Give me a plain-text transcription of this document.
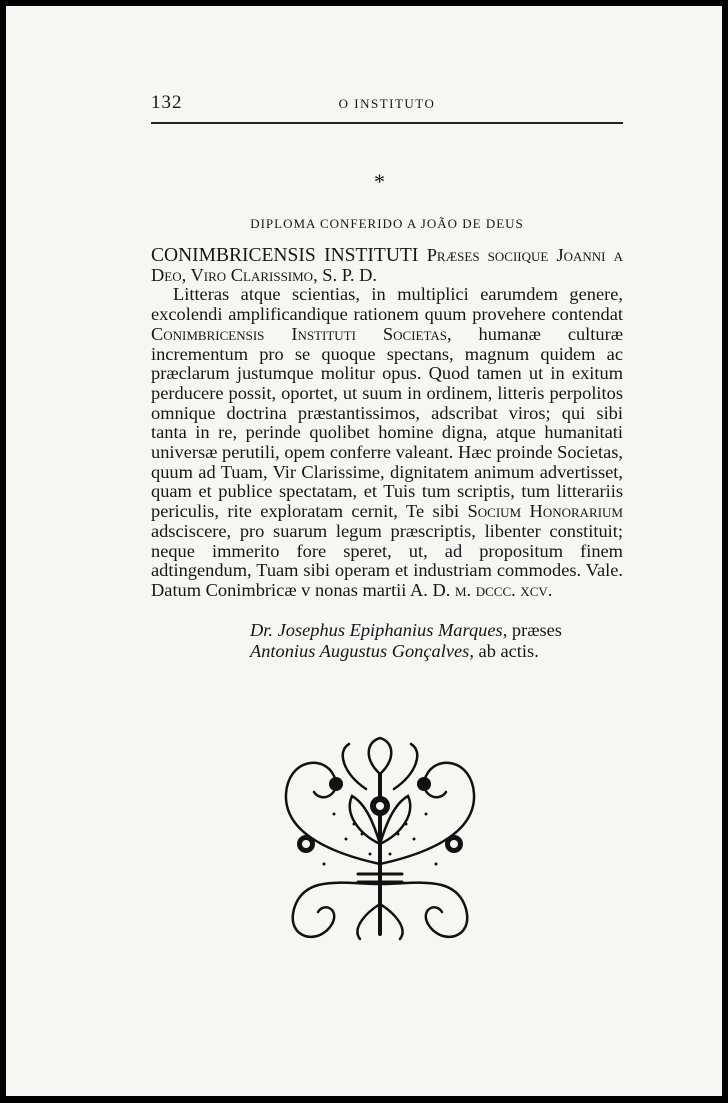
132	O INSTITUTO
*
DIPLOMA CONFERIDO A JOÃO DE DEUS

CONIMBRICENSIS INSTITUTI Præses sociique Joanni a Deo, Viro Clarissimo, S. P. D.

Litteras atque scientias, in multiplici earumdem genere, excolendi amplificandique rationem quum provehere contendat Conimbricensis Instituti Societas, humanæ culturæ incrementum pro se quoque spectans, magnum quidem ac præclarum justumque molitur opus. Quod tamen ut in exitum perducere possit, oportet, ut suum in ordinem, litteris perpolitos omnique doctrina præstantissimos, adscribat viros; qui sibi tanta in re, perinde quolibet homine digna, atque humanitati universæ perutili, opem conferre valeant. Hæc proinde Societas, quum ad Tuam, Vir Clarissime, dignitatem animum advertisset, quam et publice spectatam, et Tuis tum scriptis, tum litterariis periculis, rite exploratam cernit, Te sibi Socium Honorarium adsciscere, pro suarum legum præscriptis, libenter constituit; neque immerito fore speret, ut, ad propositum finem adtingendum, Tuam sibi operam et industriam commodes. Vale. Datum Conimbricæ v nonas martii A. D. m. dccc. xcv.

Dr. Josephus Epiphanius Marques, præses
Antonius Augustus Gonçalves, ab actis.
